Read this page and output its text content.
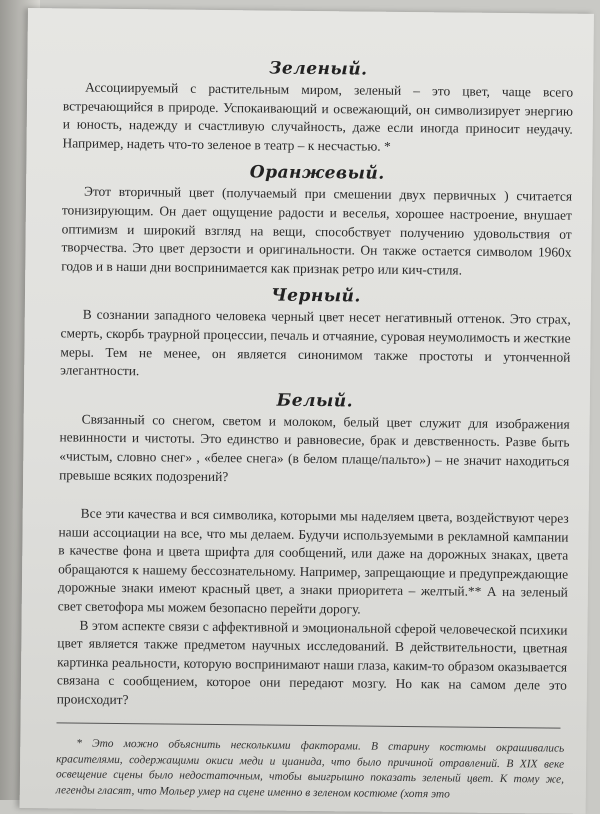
Зеленый.

Ассоциируемый с растительным миром, зеленый – это цвет, чаще всего встречающийся в природе. Успокаивающий и освежающий, он символизирует энергию и юность, надежду и счастливую случайность, даже если иногда приносит неудачу. Например, надеть что-то зеленое в театр – к несчастью. *

Оранжевый.

Этот вторичный цвет (получаемый при смешении двух первичных ) считается тонизирующим. Он дает ощущение радости и веселья, хорошее настроение, внушает оптимизм и широкий взгляд на вещи, способствует получению удовольствия от творчества. Это цвет дерзости и оригинальности. Он также остается символом 1960х годов и в наши дни воспринимается как признак ретро или кич-стиля.

Черный.

В сознании западного человека черный цвет несет негативный оттенок. Это страх, смерть, скорбь траурной процессии, печаль и отчаяние, суровая неумолимость и жесткие меры. Тем не менее, он является синонимом также простоты и утонченной элегантности.

Белый.

Связанный со снегом, светом и молоком, белый цвет служит для изображения невинности и чистоты. Это единство и равновесие, брак и девственность. Разве быть «чистым, словно снег» , «белее снега» (в белом плаще/пальто») – не значит находиться превыше всяких подозрений?

Все эти качества и вся символика, которыми мы наделяем цвета, воздействуют через наши ассоциации на все, что мы делаем. Будучи используемыми в рекламной кампании в качестве фона и цвета шрифта для сообщений, или даже на дорожных знаках, цвета обращаются к нашему бессознательному. Например, запрещающие и предупреждающие дорожные знаки имеют красный цвет, а знаки приоритета – желтый.** А на зеленый свет светофора мы можем безопасно перейти дорогу.

В этом аспекте связи с аффективной и эмоциональной сферой человеческой психики цвет является также предметом научных исследований. В действительности, цветная картинка реальности, которую воспринимают наши глаза, каким-то образом оказывается связана с сообщением, которое они передают мозгу. Но как на самом деле это происходит?

* Это можно объяснить несколькими факторами. В старину костюмы окрашивались красителями, содержащими окиси меди и цианида, что было причиной отравлений. В XIX веке освещение сцены было недостаточным, чтобы выигрышно показать зеленый цвет. К тому же, легенды гласят, что Мольер умер на сцене именно в зеленом костюме (хотя это
